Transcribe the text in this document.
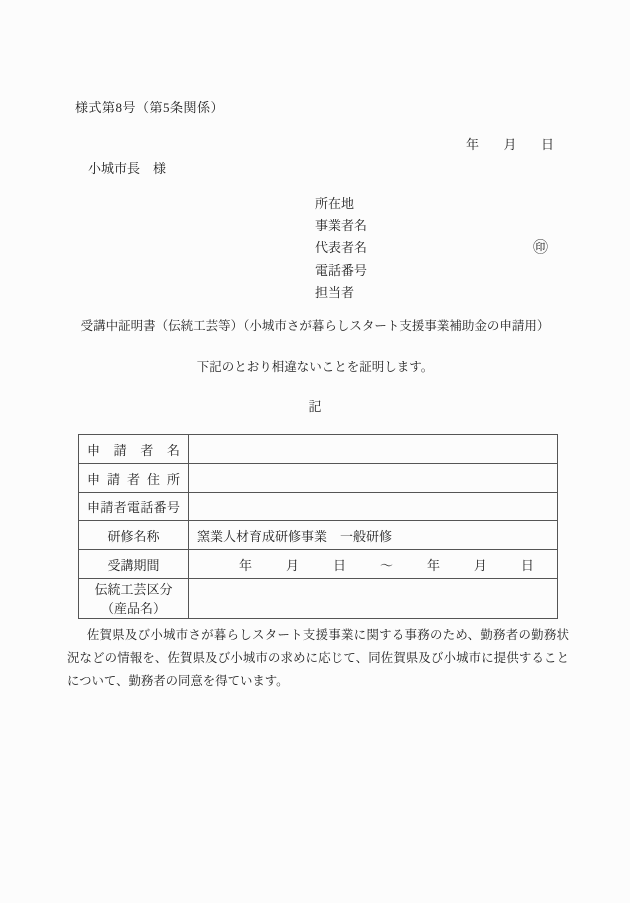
様式第8号（第5条関係）
年 月 日
小城市長　様
所在地
事業者名
代表者名
電話番号
担当者
㊞
受講中証明書（伝統工芸等）（小城市さが暮らしスタート支援事業補助金の申請用）
下記のとおり相違ないことを証明します。
記
申請者名	
申請者住所	
申請者電話番号	
研修名称	窯業人材育成研修事業　一般研修
受講期間	年	月	日	～	年	月	日

伝統工芸区分
（産品名）	

佐賀県及び小城市さが暮らしスタート支援事業に関する事務のため、勤務者の勤務状況などの情報を、佐賀県及び小城市の求めに応じて、同佐賀県及び小城市に提供することについて、勤務者の同意を得ています。
